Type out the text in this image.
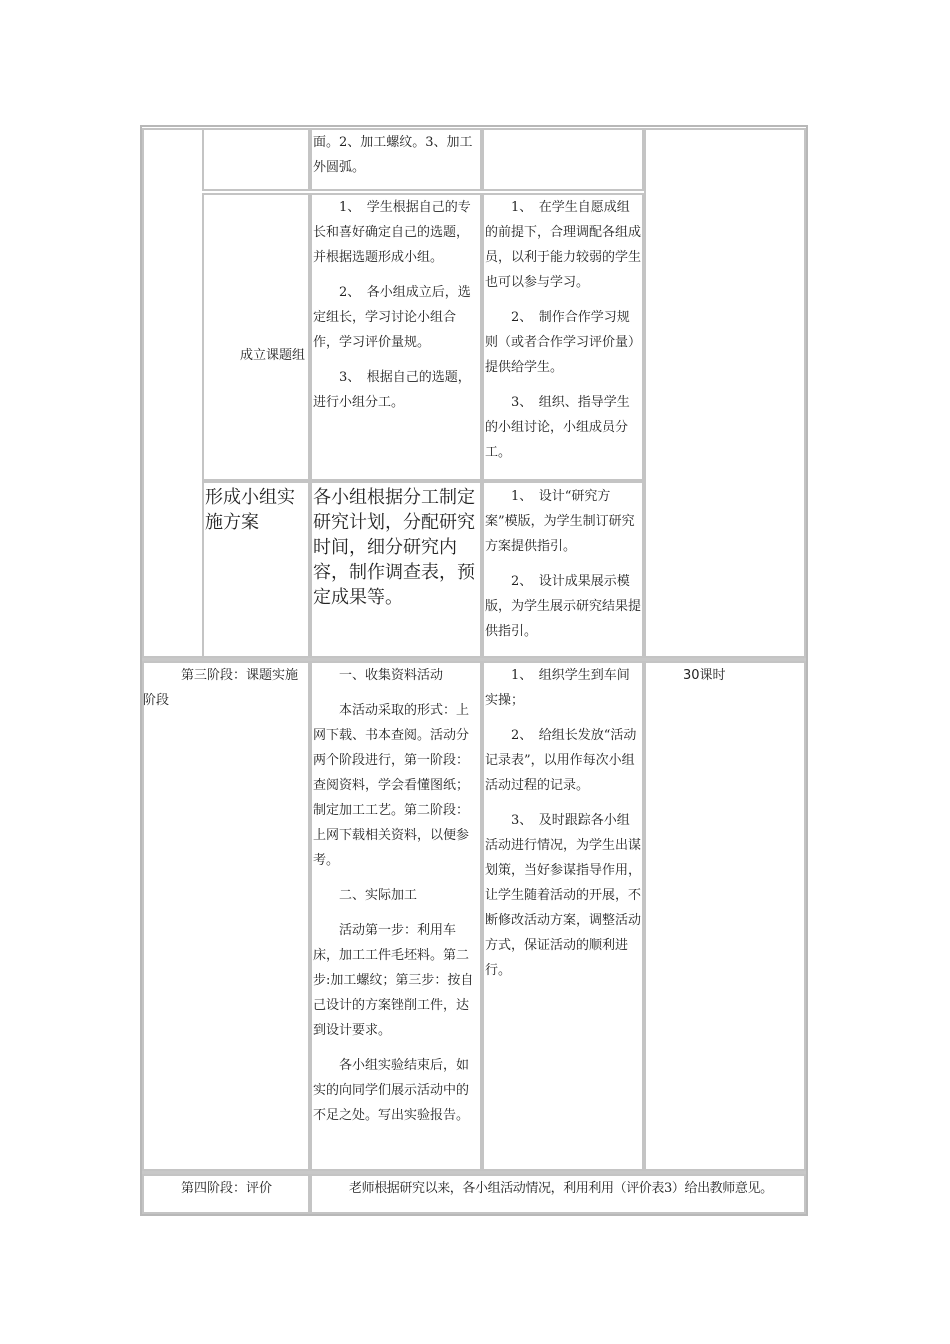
面。2、加工螺纹。3、加工外圆弧。
成立课题组

1、　学生根据自己的专长和喜好确定自己的选题，并根据选题形成小组。

2、　各小组成立后，选定组长，学习讨论小组合作，学习评价量规。

3、　根据自己的选题，进行小组分工。

1、　在学生自愿成组的前提下，合理调配各组成员，以利于能力较弱的学生也可以参与学习。

2、　制作合作学习规则（或者合作学习评价量）提供给学生。

3、　组织、指导学生的小组讨论，小组成员分工。

形成小组实施方案
各小组根据分工制定研究计划，分配研究时间，细分研究内容，制作调查表，预定成果等。

1、　设计“研究方案”模版，为学生制订研究方案提供指引。

2、　设计成果展示模版，为学生展示研究结果提供指引。

第三阶段：课题实施阶段

一、收集资料活动

本活动采取的形式：上网下载、书本查阅。活动分两个阶段进行，第一阶段：查阅资料，学会看懂图纸；制定加工工艺。第二阶段：上网下载相关资料，以便参考。

二、实际加工

活动第一步：利用车床，加工工件毛坯料。第二步:加工螺纹；第三步：按自己设计的方案锉削工件，达到设计要求。

各小组实验结束后，如实的向同学们展示活动中的不足之处。写出实验报告。

1、　组织学生到车间实操；

2、　给组长发放“活动记录表”，以用作每次小组活动过程的记录。

3、　及时跟踪各小组活动进行情况，为学生出谋划策，当好参谋指导作用，让学生随着活动的开展，不断修改活动方案，调整活动方式，保证活动的顺利进行。

30课时
第四阶段：评价	老师根据研究以来，各小组活动情况，利用利用（评价表3）给出教师意见。
